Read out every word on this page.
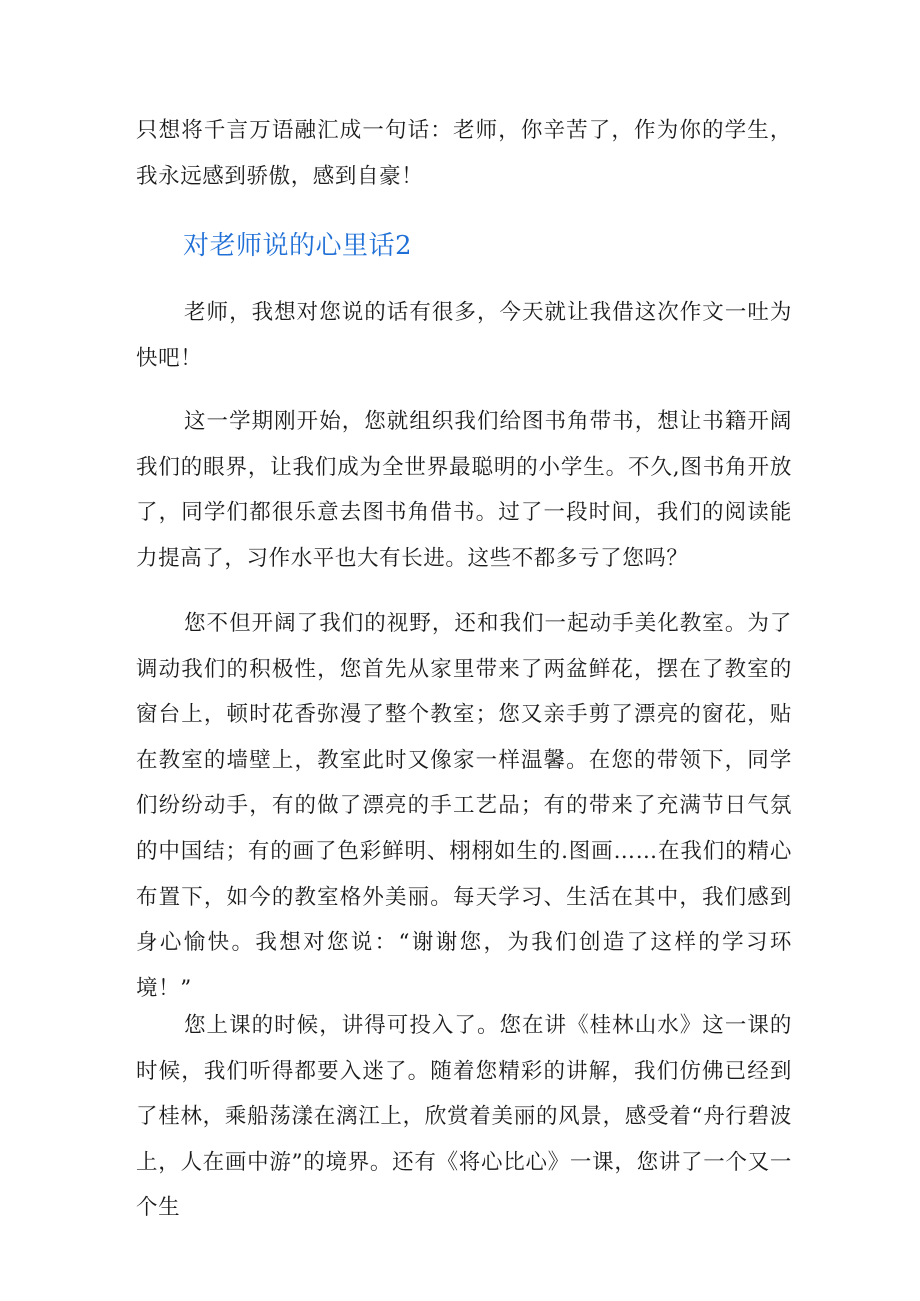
只想将千言万语融汇成一句话：老师，你辛苦了，作为你的学生，我永远感到骄傲，感到自豪！

对老师说的心里话2

老师，我想对您说的话有很多，今天就让我借这次作文一吐为快吧！

这一学期刚开始，您就组织我们给图书角带书，想让书籍开阔我们的眼界，让我们成为全世界最聪明的小学生。不久,图书角开放了，同学们都很乐意去图书角借书。过了一段时间，我们的阅读能力提高了，习作水平也大有长进。这些不都多亏了您吗？

您不但开阔了我们的视野，还和我们一起动手美化教室。为了调动我们的积极性，您首先从家里带来了两盆鲜花，摆在了教室的窗台上，顿时花香弥漫了整个教室；您又亲手剪了漂亮的窗花，贴在教室的墙壁上，教室此时又像家一样温馨。在您的带领下，同学们纷纷动手，有的做了漂亮的手工艺品；有的带来了充满节日气氛的中国结；有的画了色彩鲜明、栩栩如生的.图画……在我们的精心布置下，如今的教室格外美丽。每天学习、生活在其中，我们感到身心愉快。我想对您说：“谢谢您，为我们创造了这样的学习环境！”

您上课的时候，讲得可投入了。您在讲《桂林山水》这一课的时候，我们听得都要入迷了。随着您精彩的讲解，我们仿佛已经到了桂林，乘船荡漾在漓江上，欣赏着美丽的风景，感受着“舟行碧波上，人在画中游”的境界。还有《将心比心》一课，您讲了一个又一个生
